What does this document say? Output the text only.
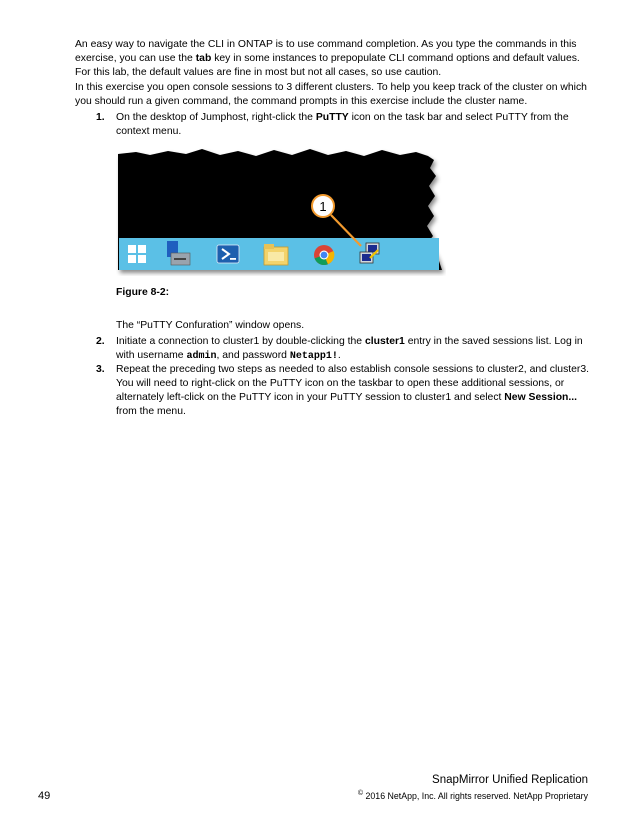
An easy way to navigate the CLI in ONTAP is to use command completion. As you type the commands in this exercise, you can use the tab key in some instances to prepopulate CLI command options and default values. For this lab, the default values are fine in most but not all cases, so use caution.

In this exercise you open console sessions to 3 different clusters. To help you keep track of the cluster on which you should run a given command, the command prompts in this exercise include the cluster name.

1. On the desktop of Jumphost, right-click the PuTTY icon on the task bar and select PuTTY from the context menu.
1
Figure 8-2:
The “PuTTY Confuration” window opens.
2. Initiate a connection to cluster1 by double-clicking the cluster1 entry in the saved sessions list. Log in with username admin, and password Netapp1!.
3. Repeat the preceding two steps as needed to also establish console sessions to cluster2, and cluster3. You will need to right-click on the PuTTY icon on the taskbar to open these additional sessions, or alternately left-click on the PuTTY icon in your PuTTY session to cluster1 and select New Session... from the menu.
SnapMirror Unified Replication
49	© 2016 NetApp, Inc. All rights reserved. NetApp Proprietary
